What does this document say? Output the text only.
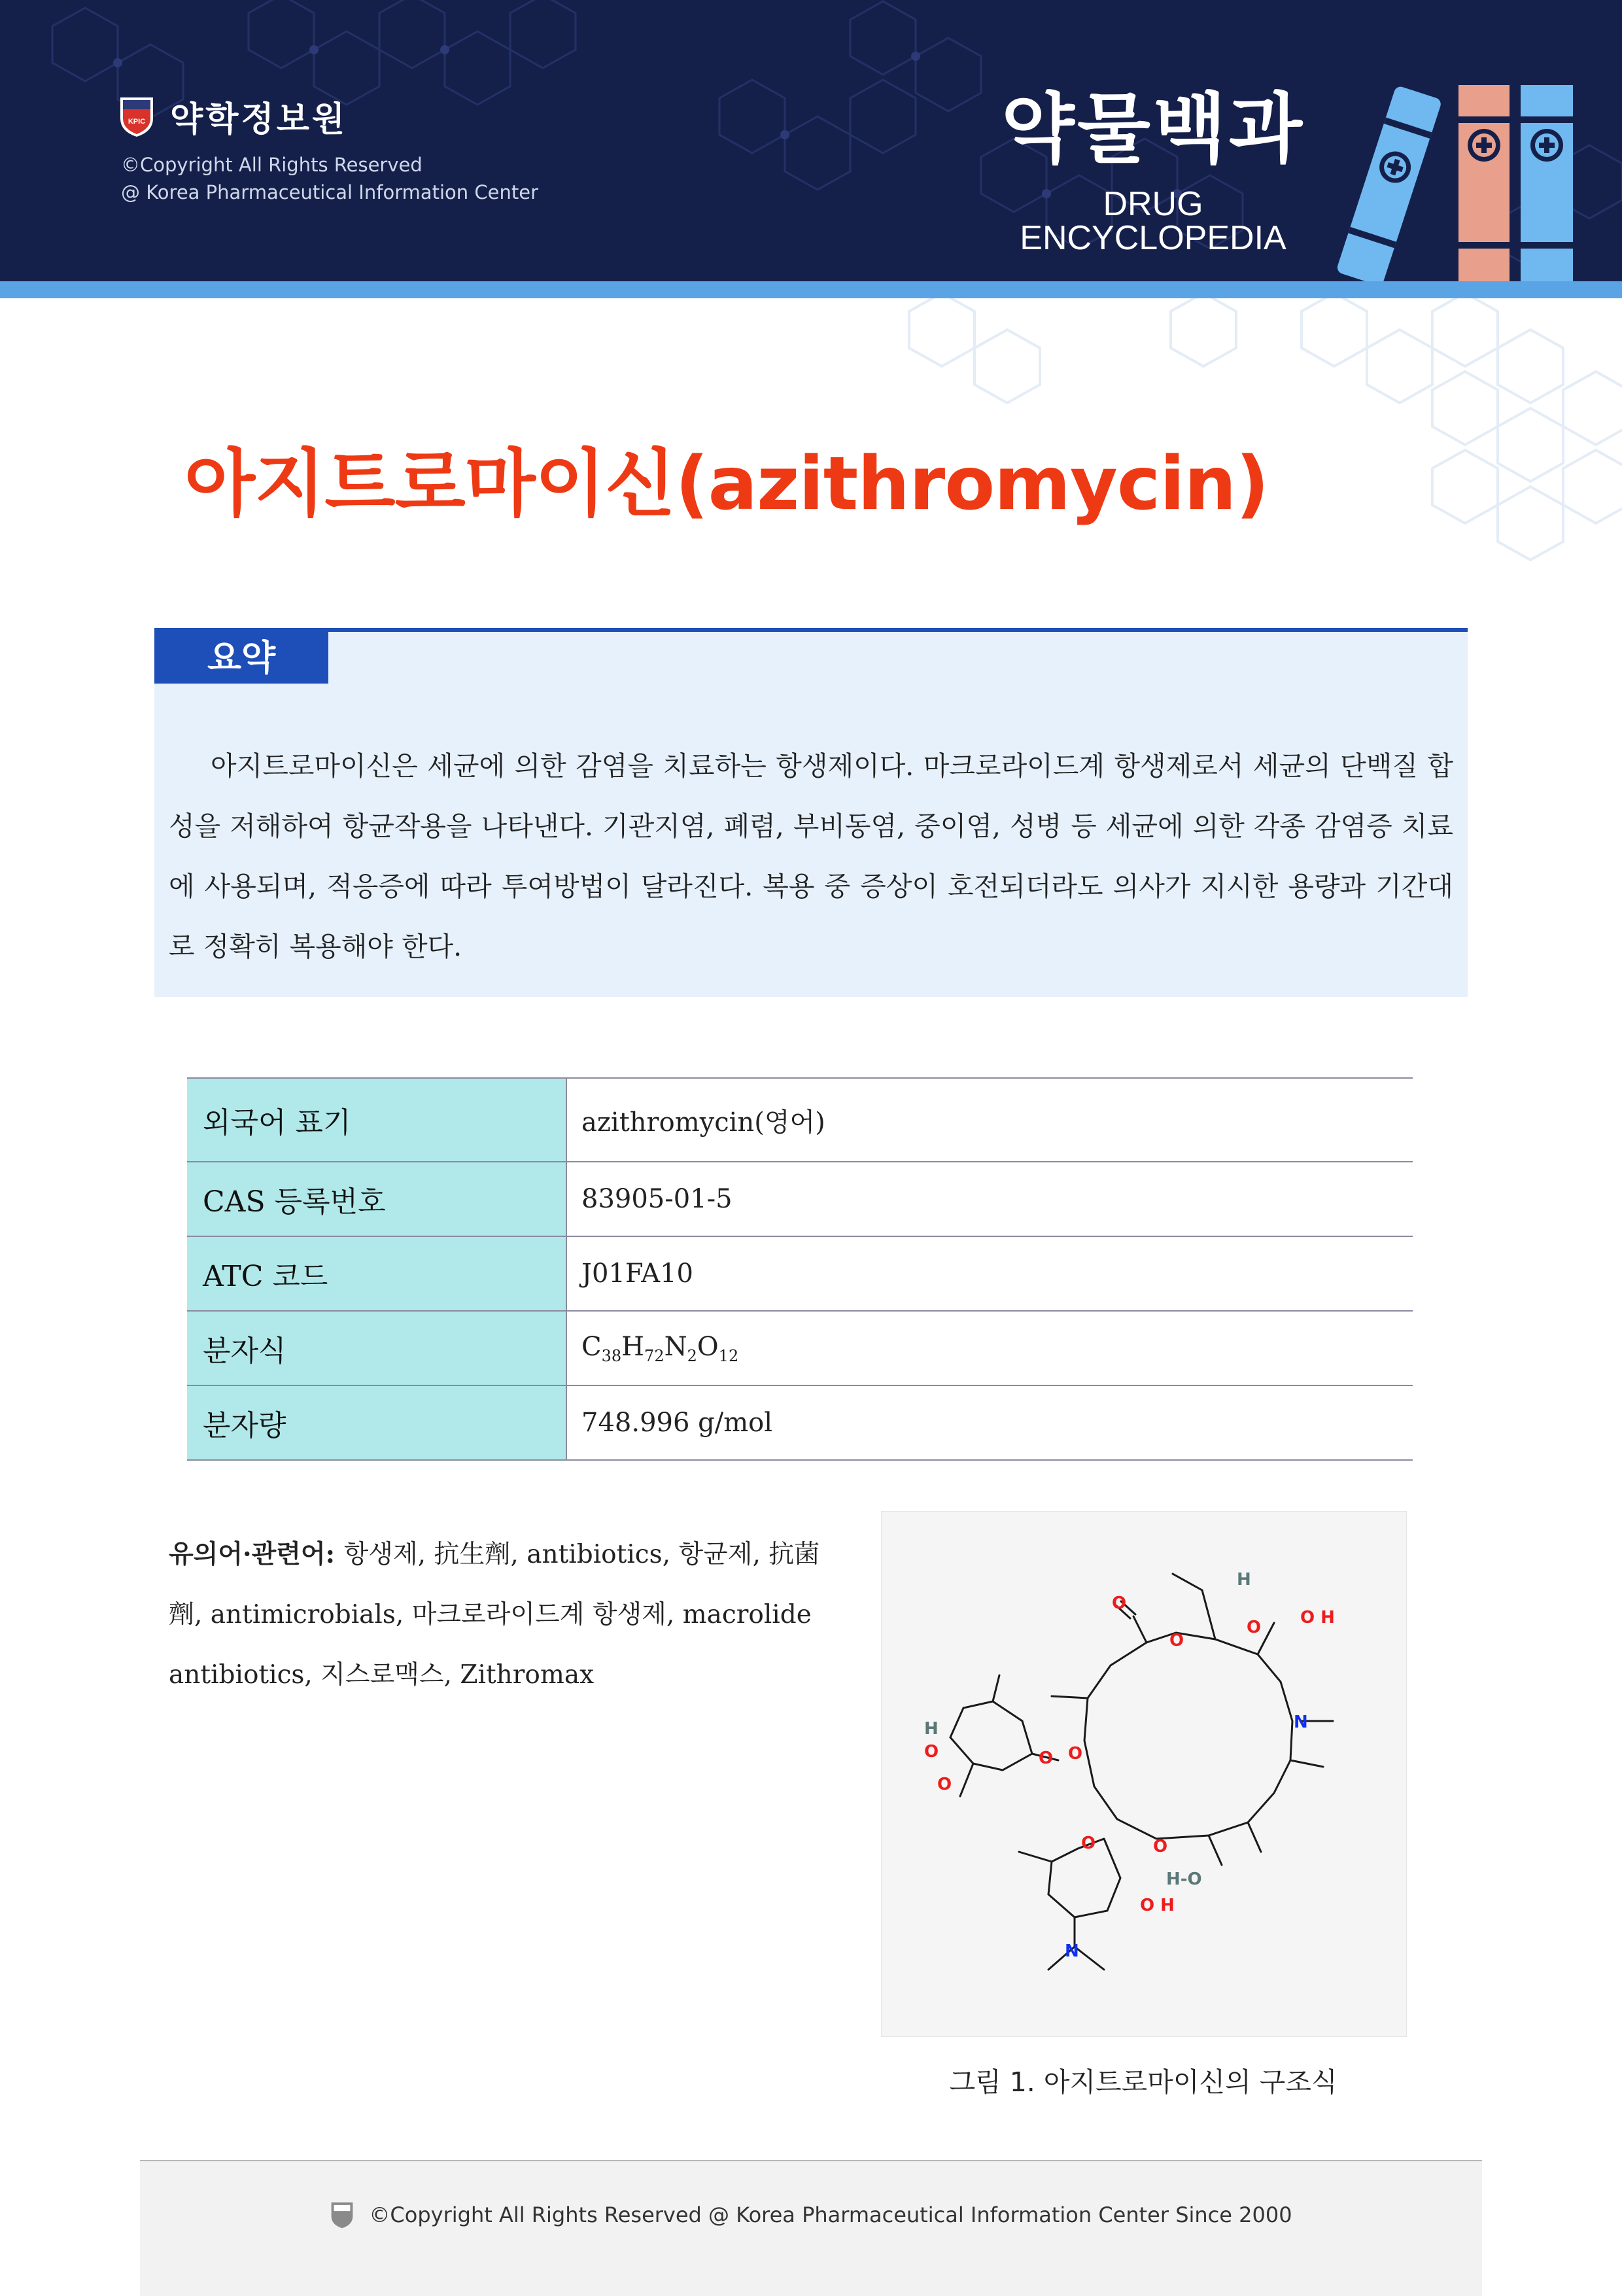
KPIC 약학정보원
©Copyright All Rights Reserved
@ Korea Pharmaceutical Information Center
약물백과
DRUG ENCYCLOPEDIA
아지트로마이신(azithromycin)
요약
아지트로마이신은 세균에 의한 감염을 치료하는 항생제이다. 마크로라이드계 항생제로서 세균의 단백질 합성을 저해하여 항균작용을 나타낸다. 기관지염, 폐렴, 부비동염, 중이염, 성병 등 세균에 의한 각종 감염증 치료에 사용되며, 적응증에 따라 투여방법이 달라진다. 복용 중 증상이 호전되더라도 의사가 지시한 용량과 기간대로 정확히 복용해야 한다.
외국어 표기	azithromycin(영어)
CAS 등록번호	83905-01-5
ATC 코드	J01FA10
분자식	$C_{38}H_{72}N_2O_{12}$
분자량	748.996 g/mol
유의어·관련어: 항생제, 抗生劑, antibiotics, 항균제, 抗菌劑, antimicrobials, 마크로라이드계 항생제, macrolide antibiotics, 지스로맥스, Zithromax
O
O
O
H
O H
N
O
O
H
O
O
O	O
H-O
O H
N
그림 1. 아지트로마이신의 구조식
©Copyright All Rights Reserved @ Korea Pharmaceutical Information Center Since 2000
